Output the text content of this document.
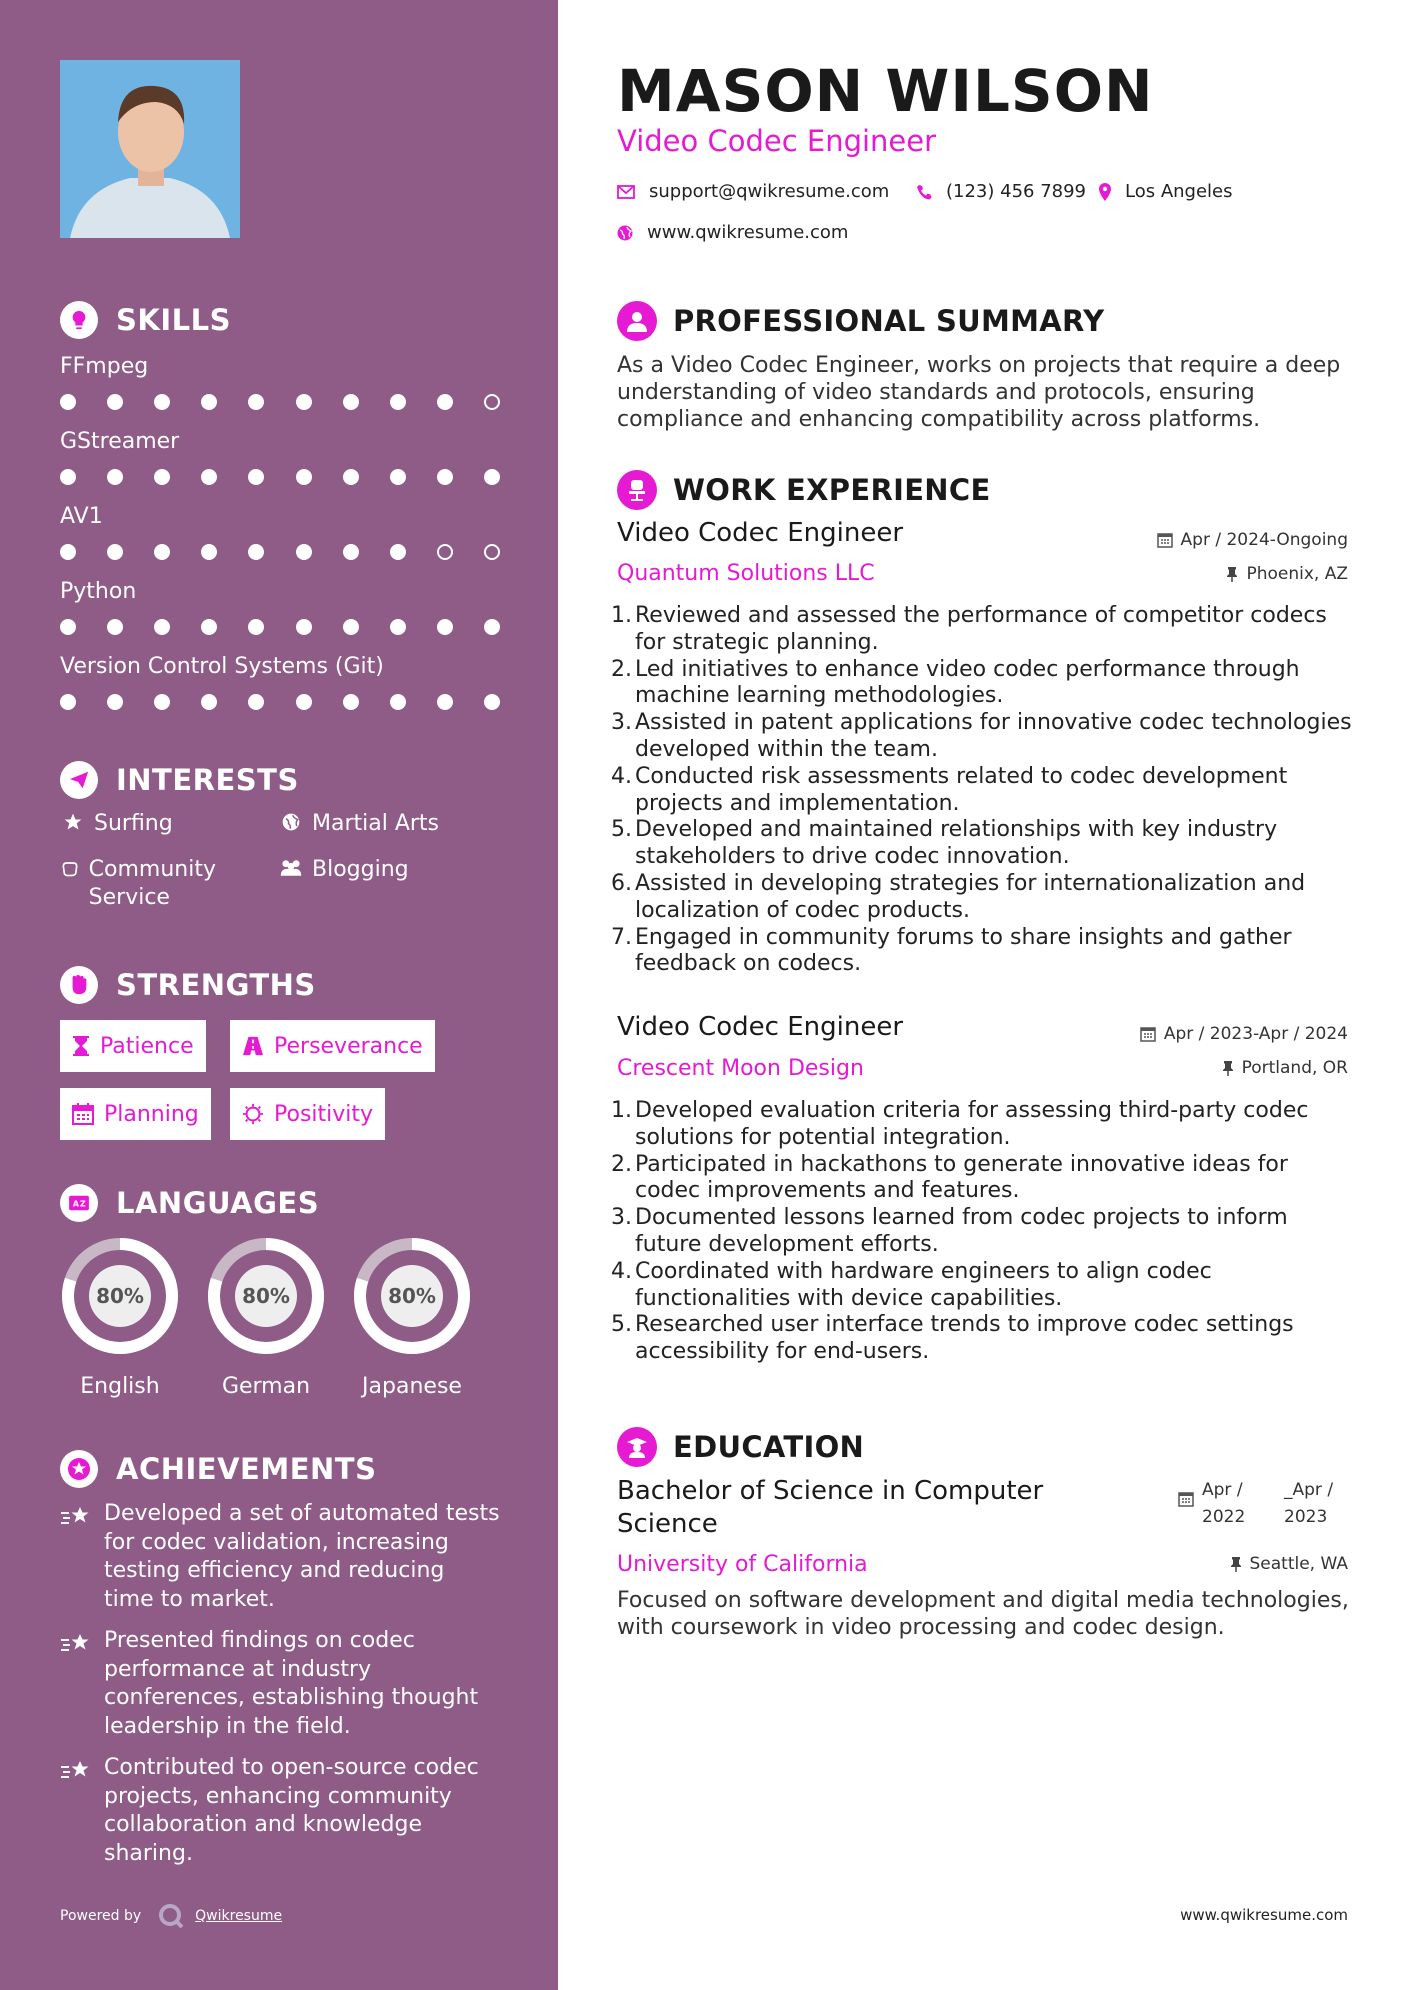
SKILLS
FFmpeg
GStreamer
AV1
Python
Version Control Systems (Git)
INTERESTS
Surfing	Martial Arts
Community Service
Blogging
STRENGTHS
Patience	Perseverance
Planning	Positivity
A Z LANGUAGES
80%
English
80%
German
80%
Japanese
ACHIEVEMENTS
Developed a set of automated tests for codec validation, increasing testing efficiency and reducing time to market.
Presented findings on codec performance at industry conferences, establishing thought leadership in the field.
Contributed to open-source codec projects, enhancing community collaboration and knowledge sharing.
Powered by	Qwikresume
MASON WILSON
Video Codec Engineer
support@qwikresume.com	(123) 456 7899 Los Angeles
www.qwikresume.com
PROFESSIONAL SUMMARY
As a Video Codec Engineer, works on projects that require a deep understanding of video standards and protocols, ensuring compliance and enhancing compatibility across platforms.
WORK EXPERIENCE
Video Codec Engineer
Quantum Solutions LLC
Apr / 2024-Ongoing
Phoenix, AZ
1. Reviewed and assessed the performance of competitor codecs for strategic planning.
2. Led initiatives to enhance video codec performance through machine learning methodologies.
3. Assisted in patent applications for innovative codec technologies developed within the team.
4. Conducted risk assessments related to codec development projects and implementation.
5. Developed and maintained relationships with key industry stakeholders to drive codec innovation.
6. Assisted in developing strategies for internationalization and localization of codec products.
7. Engaged in community forums to share insights and gather feedback on codecs.
Video Codec Engineer
Crescent Moon Design
Apr / 2023-Apr / 2024
Portland, OR
1. Developed evaluation criteria for assessing third-party codec solutions for potential integration.
2. Participated in hackathons to generate innovative ideas for codec improvements and features.
3. Documented lessons learned from codec projects to inform future development efforts.
4. Coordinated with hardware engineers to align codec functionalities with device capabilities.
5. Researched user interface trends to improve codec settings accessibility for end-users.
EDUCATION
Bachelor of Science in Computer Science
Apr / 2022
_Apr / 2023
University of California	Seattle, WA
Focused on software development and digital media technologies, with coursework in video processing and codec design.
www.qwikresume.com
